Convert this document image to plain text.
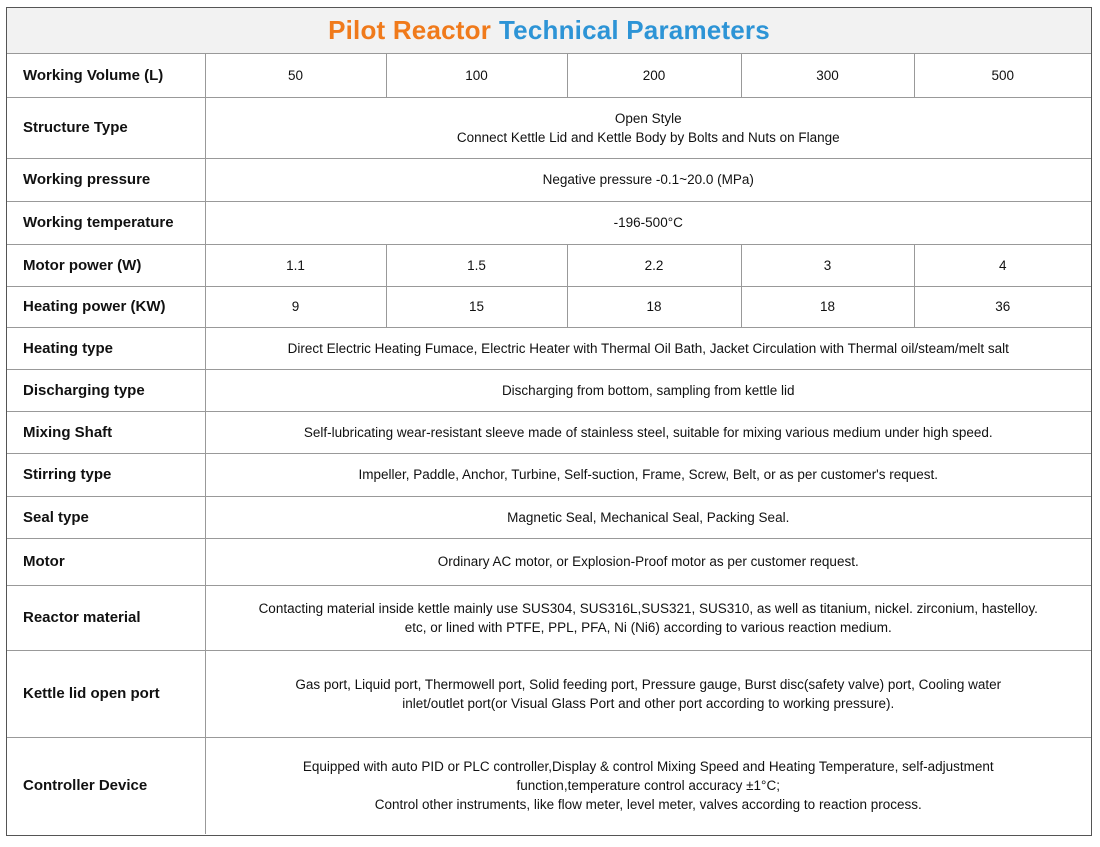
Pilot Reactor Technical Parameters
Working Volume (L)	50	100	200	300	500
Structure Type	Open Style
Connect Kettle Lid and Kettle Body by Bolts and Nuts on Flange				
Working pressure	Negative pressure -0.1~20.0 (MPa)				
Working temperature	-196-500°C				
Motor power (W)	1.1	1.5	2.2	3	4
Heating power (KW)	9	15	18	18	36
Heating type	Direct Electric Heating Fumace, Electric Heater with Thermal Oil Bath, Jacket Circulation with Thermal oil/steam/melt salt				
Discharging type	Discharging from bottom, sampling from kettle lid				
Mixing Shaft	Self-lubricating wear-resistant sleeve made of stainless steel, suitable for mixing various medium under high speed.				
Stirring type	Impeller, Paddle, Anchor, Turbine, Self-suction, Frame, Screw, Belt, or as per customer's request.				
Seal type	Magnetic Seal, Mechanical Seal, Packing Seal.				
Motor	Ordinary AC motor, or Explosion-Proof motor as per customer request.				
Reactor material	Contacting material inside kettle mainly use SUS304, SUS316L,SUS321, SUS310, as well as titanium, nickel. zirconium, hastelloy.
etc, or lined with PTFE, PPL, PFA, Ni (Ni6) according to various reaction medium.				
Kettle lid open port	Gas port, Liquid port, Thermowell port, Solid feeding port, Pressure gauge, Burst disc(safety valve) port, Cooling water
inlet/outlet port(or Visual Glass Port and other port according to working pressure).				
Controller Device	Equipped with auto PID or PLC controller,Display & control Mixing Speed and Heating Temperature, self-adjustment
function,temperature control accuracy ±1°C;
Control other instruments, like flow meter, level meter, valves according to reaction process.				
